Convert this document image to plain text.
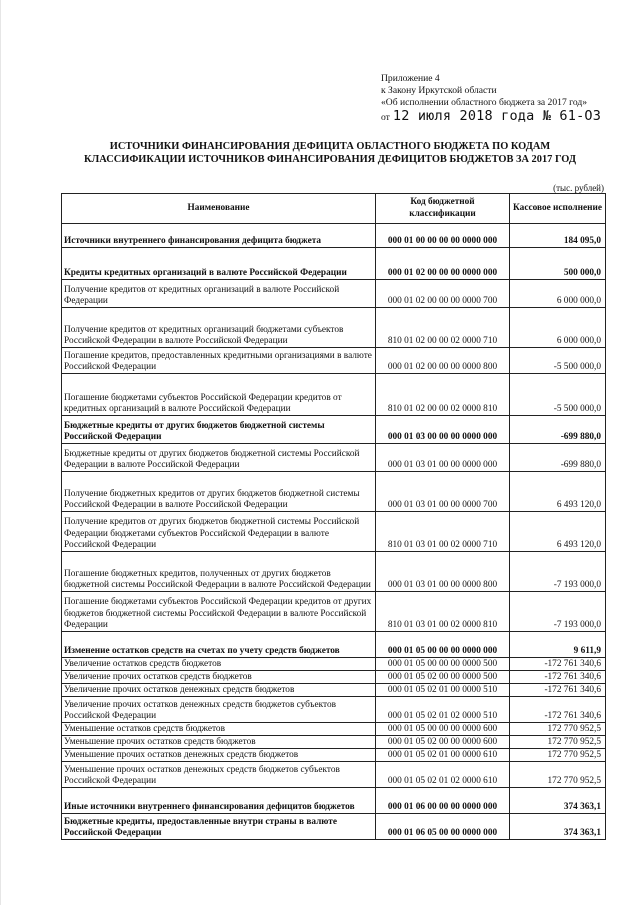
Приложение 4
к Закону Иркутской области
«Об исполнении областного бюджета за 2017 год»
от 12 июля 2018 года № 61-ОЗ
ИСТОЧНИКИ ФИНАНСИРОВАНИЯ ДЕФИЦИТА ОБЛАСТНОГО БЮДЖЕТА ПО КОДАМ
КЛАССИФИКАЦИИ ИСТОЧНИКОВ ФИНАНСИРОВАНИЯ ДЕФИЦИТОВ БЮДЖЕТОВ ЗА 2017 ГОД
(тыс. рублей)
Наименование	Код бюджетной классификации	Кассовое исполнение
Источники внутреннего финансирования дефицита бюджета	000 01 00 00 00 00 0000 000	184 095,0
Кредиты кредитных организаций в валюте Российской Федерации	000 01 02 00 00 00 0000 000	500 000,0
Получение кредитов от кредитных организаций в валюте Российской Федерации	000 01 02 00 00 00 0000 700	6 000 000,0
Получение кредитов от кредитных организаций бюджетами субъектов Российской Федерации в валюте Российской Федерации	810 01 02 00 00 02 0000 710	6 000 000,0
Погашение кредитов, предоставленных кредитными организациями в валюте Российской Федерации	000 01 02 00 00 00 0000 800	-5 500 000,0
Погашение бюджетами субъектов Российской Федерации кредитов от кредитных организаций в валюте Российской Федерации	810 01 02 00 00 02 0000 810	-5 500 000,0
Бюджетные кредиты от других бюджетов бюджетной системы Российской Федерации	000 01 03 00 00 00 0000 000	-699 880,0
Бюджетные кредиты от других бюджетов бюджетной системы Российской Федерации в валюте Российской Федерации	000 01 03 01 00 00 0000 000	-699 880,0
Получение бюджетных кредитов от других бюджетов бюджетной системы Российской Федерации в валюте Российской Федерации	000 01 03 01 00 00 0000 700	6 493 120,0
Получение кредитов от других бюджетов бюджетной системы Российской Федерации бюджетами субъектов Российской Федерации в валюте Российской Федерации	810 01 03 01 00 02 0000 710	6 493 120,0
Погашение бюджетных кредитов, полученных от других бюджетов бюджетной системы Российской Федерации в валюте Российской Федерации	000 01 03 01 00 00 0000 800	-7 193 000,0
Погашение бюджетами субъектов Российской Федерации кредитов от других бюджетов бюджетной системы Российской Федерации в валюте Российской Федерации	810 01 03 01 00 02 0000 810	-7 193 000,0
Изменение остатков средств на счетах по учету средств бюджетов	000 01 05 00 00 00 0000 000	9 611,9
Увеличение остатков средств бюджетов	000 01 05 00 00 00 0000 500	-172 761 340,6
Увеличение прочих остатков средств бюджетов	000 01 05 02 00 00 0000 500	-172 761 340,6
Увеличение прочих остатков денежных средств бюджетов	000 01 05 02 01 00 0000 510	-172 761 340,6
Увеличение прочих остатков денежных средств бюджетов субъектов Российской Федерации	000 01 05 02 01 02 0000 510	-172 761 340,6
Уменьшение остатков средств бюджетов	000 01 05 00 00 00 0000 600	172 770 952,5
Уменьшение прочих остатков средств бюджетов	000 01 05 02 00 00 0000 600	172 770 952,5
Уменьшение прочих остатков денежных средств бюджетов	000 01 05 02 01 00 0000 610	172 770 952,5
Уменьшение прочих остатков денежных средств бюджетов субъектов Российской Федерации	000 01 05 02 01 02 0000 610	172 770 952,5
Иные источники внутреннего финансирования дефицитов бюджетов	000 01 06 00 00 00 0000 000	374 363,1
Бюджетные кредиты, предоставленные внутри страны в валюте Российской Федерации	000 01 06 05 00 00 0000 000	374 363,1
